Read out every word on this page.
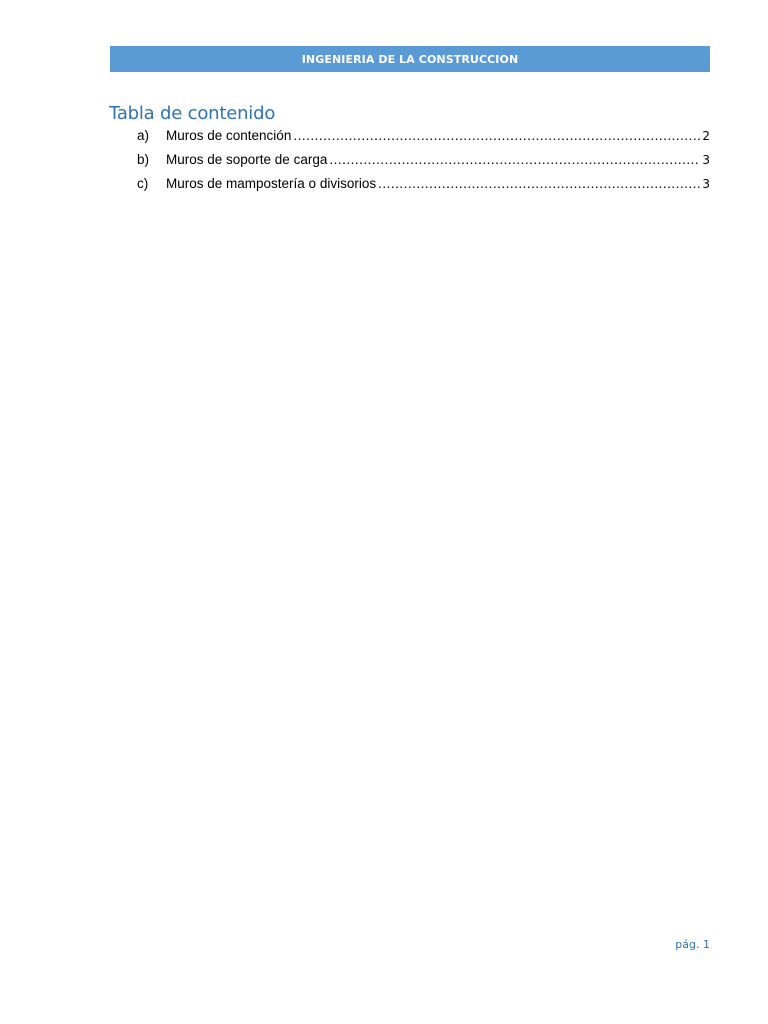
INGENIERIA DE LA CONSTRUCCION
Tabla de contenido
a)	Muros de contención .....	2
b)	Muros de soporte de carga .....	3
c)	Muros de mampostería o divisorios .....	3
pág. 1
